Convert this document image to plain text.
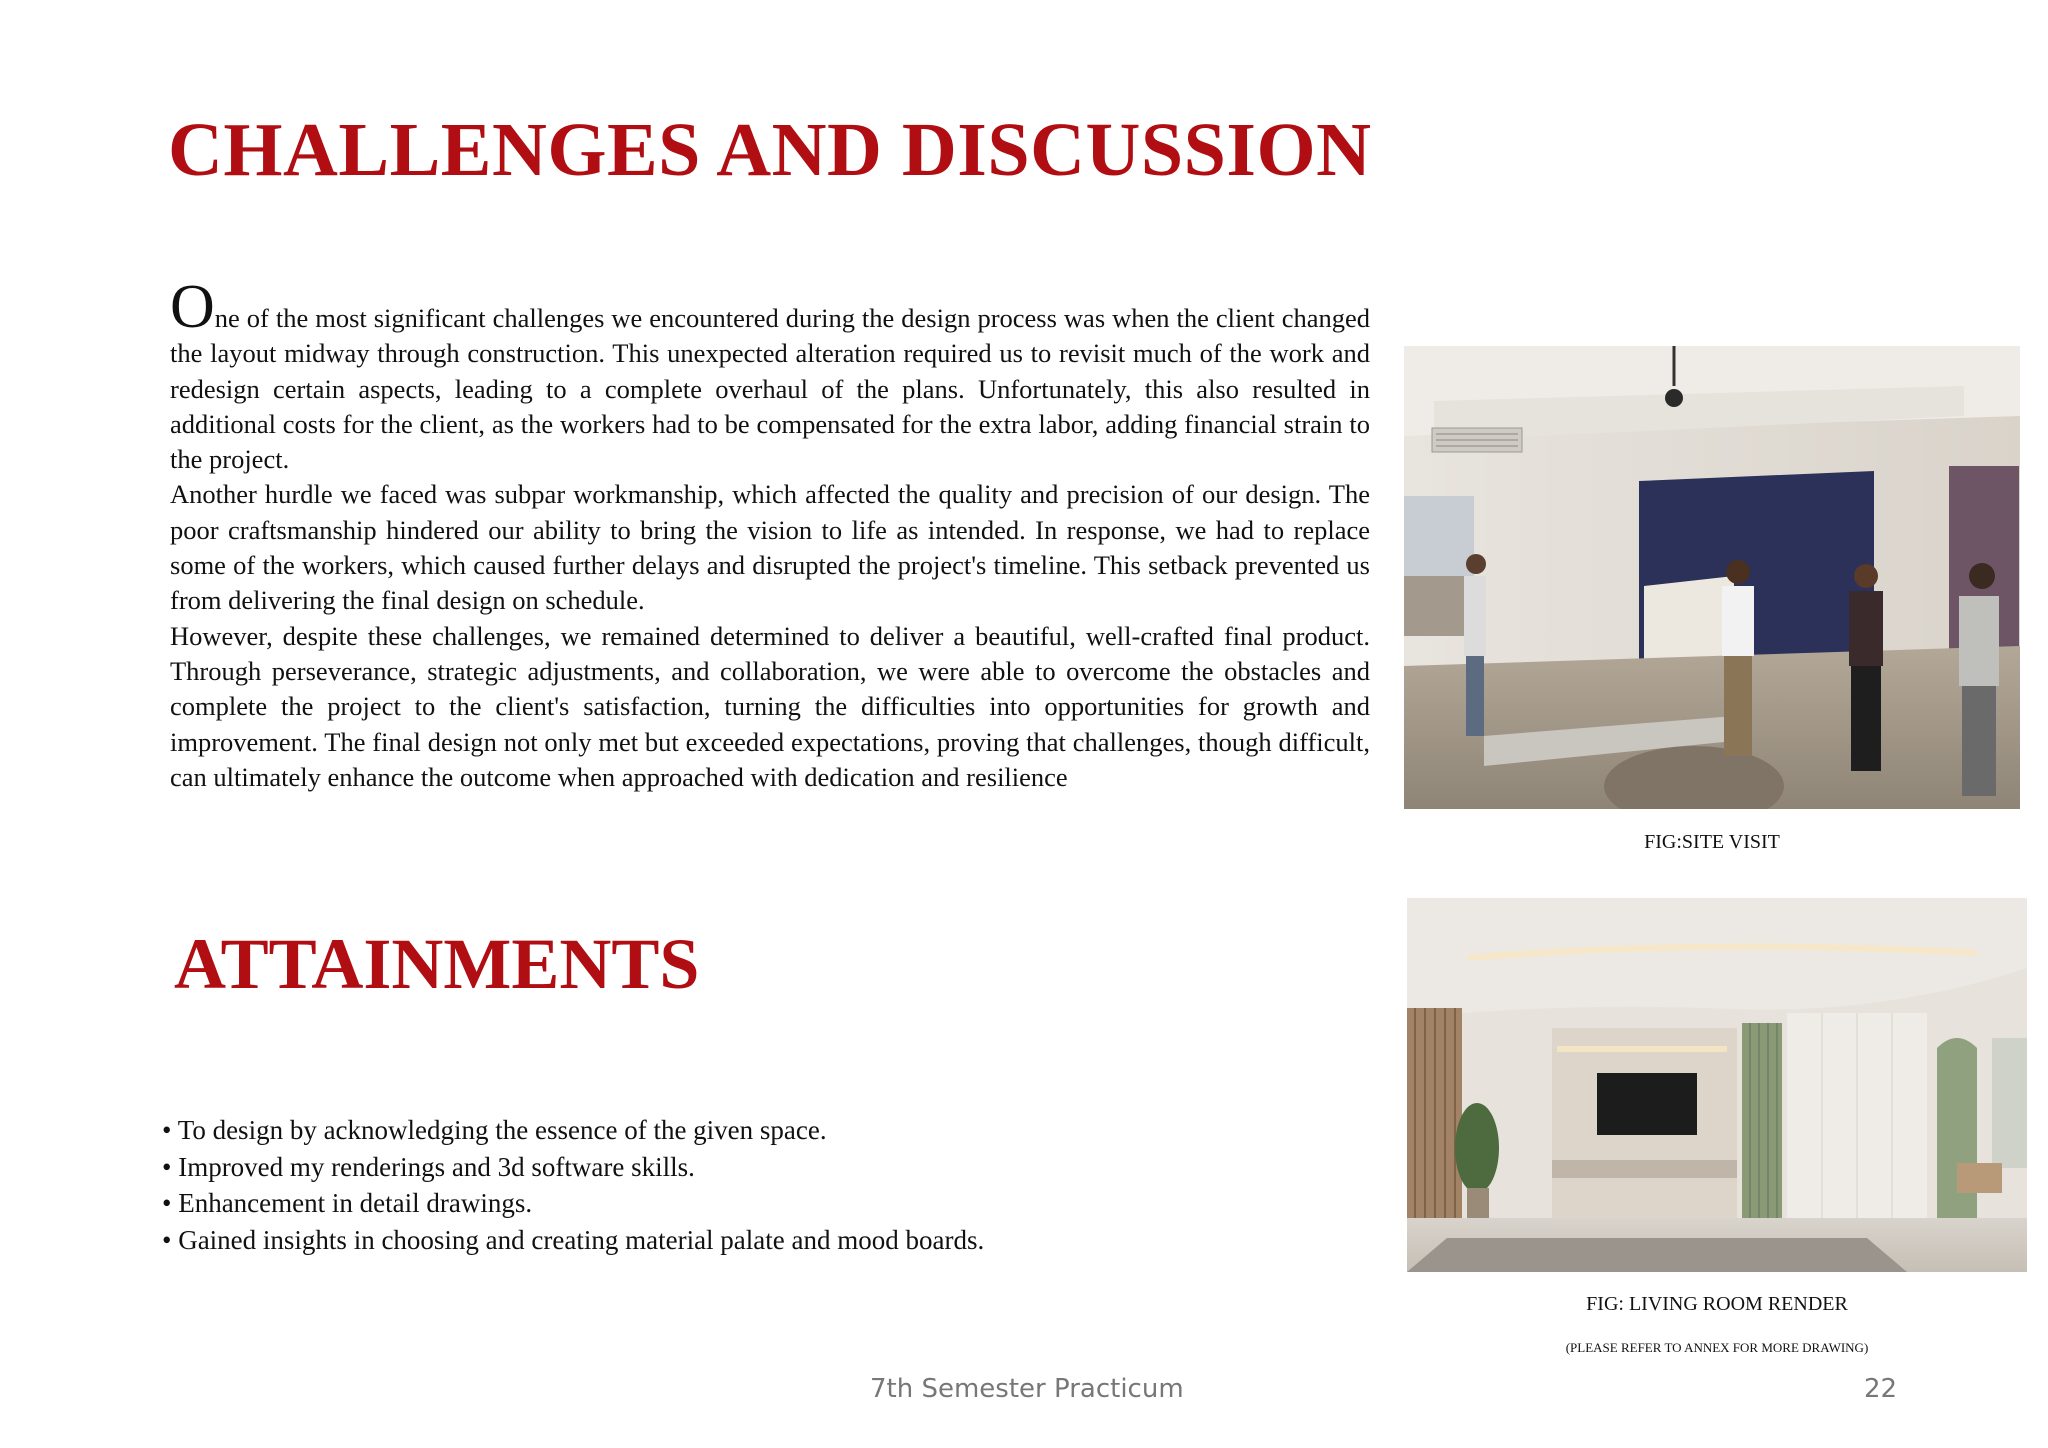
CHALLENGES AND DISCUSSION

One of the most significant challenges we encountered during the design process was when the client changed the layout midway through construction. This unexpected alteration required us to revisit much of the work and redesign certain aspects, leading to a complete overhaul of the plans. Unfortunately, this also resulted in additional costs for the client, as the workers had to be compensated for the extra labor, adding financial strain to the project.

Another hurdle we faced was subpar workmanship, which affected the quality and precision of our design. The poor craftsmanship hindered our ability to bring the vision to life as intended. In response, we had to replace some of the workers, which caused further delays and disrupted the project's timeline. This setback prevented us from delivering the final design on schedule.

However, despite these challenges, we remained determined to deliver a beautiful, well-crafted final product. Through perseverance, strategic adjustments, and collaboration, we were able to overcome the obstacles and complete the project to the client's satisfaction, turning the difficulties into opportunities for growth and improvement. The final design not only met but exceeded expectations, proving that challenges, though difficult, can ultimately enhance the outcome when approached with dedication and resilience

ATTAINMENTS
• To design by acknowledging the essence of the given space.
• Improved my renderings and 3d software skills.
• Enhancement in detail drawings.
• Gained insights in choosing and creating material palate and mood boards.
FIG:SITE VISIT
FIG: LIVING ROOM RENDER
(PLEASE REFER TO ANNEX FOR MORE DRAWING)
7th Semester Practicum	22
